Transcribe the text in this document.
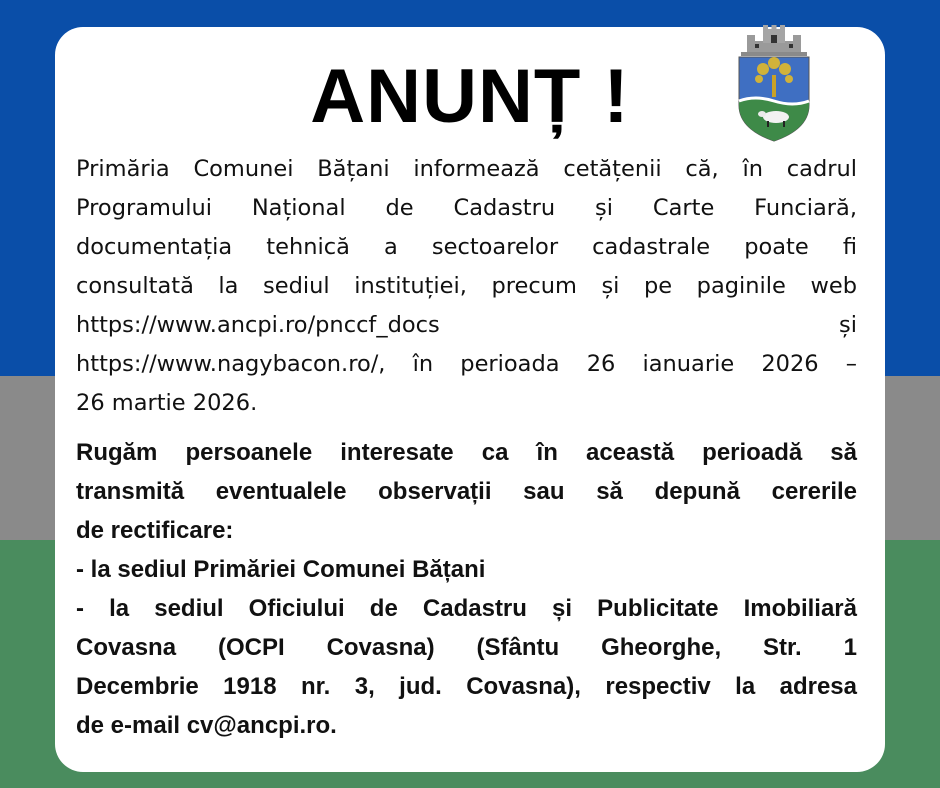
ANUNȚ !

Primăria Comunei Bățani informează cetățenii că, în cadrul
Programului Național de Cadastru și Carte Funciară,
documentația tehnică a sectoarelor cadastrale poate fi
consultată la sediul instituției, precum și pe paginile web
https://www.ancpi.ro/pnccf_docs și
https://www.nagybacon.ro/, în perioada 26 ianuarie 2026 –
26 martie 2026.

Rugăm persoanele interesate ca în această perioadă să
transmită eventualele observații sau să depună cererile
de rectificare:
- la sediul Primăriei Comunei Bățani
- la sediul Oficiului de Cadastru și Publicitate Imobiliară
Covasna (OCPI Covasna) (Sfântu Gheorghe, Str. 1
Decembrie 1918 nr. 3, jud. Covasna), respectiv la adresa
de e-mail cv@ancpi.ro.
